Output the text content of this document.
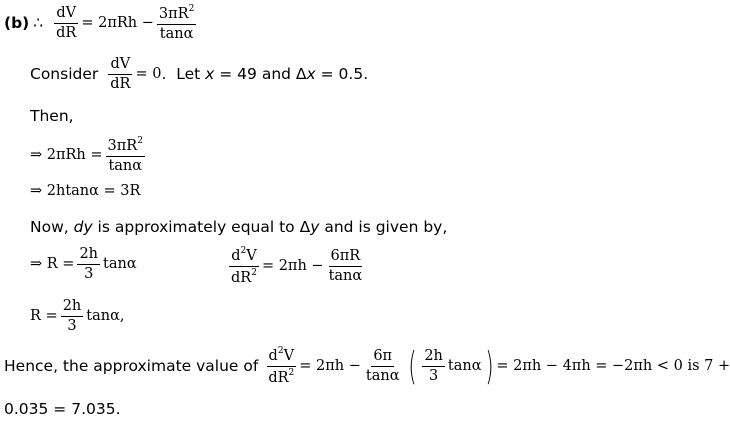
(b) ∴ $\frac{dV}{dR} = 2\pi Rh - \frac{3\pi R^2}{\tan\alpha}$
Consider $\frac{dV}{dR} = 0$ .  Let x = 49 and Δ x = 0.5.
Then,
⇒ $2\pi Rh = \frac{3\pi R^2}{\tan\alpha}$
⇒ 2htanα = 3R
Now, dy is approximately equal to Δ y and is given by,
⇒ $R = \frac{2h}{3}$ tanα	$\frac{d^2V}{dR^2} = 2\pi h - \frac{6\pi R}{\tan\alpha}$
$R = \frac{2h}{3} \tan\alpha$,
Hence, the approximate value of $\frac{d^2V}{dR^2} = 2\pi h - \frac{6\pi}{\tan\alpha}$ ( $\frac{2h}{3}$ tanα ) = 2πh − 4πh = −2πh < 0 is 7 +
0.035 = 7.035.
